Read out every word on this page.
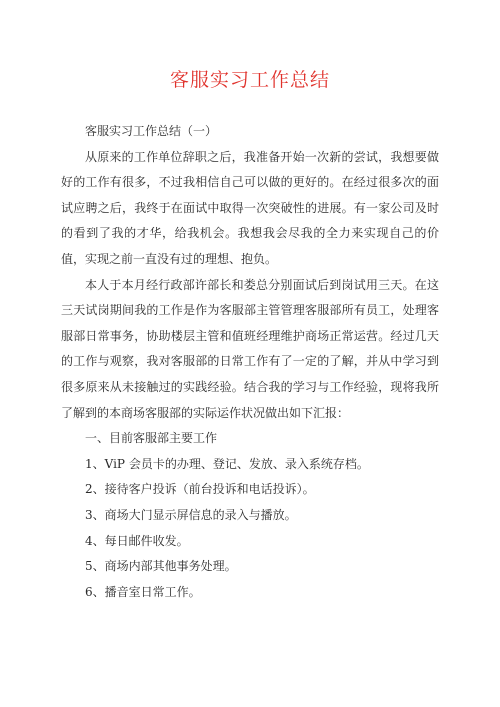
客服实习工作总结

客服实习工作总结（一）

从原来的工作单位辞职之后，我准备开始一次新的尝试，我想要做好的工作有很多，不过我相信自己可以做的更好的。在经过很多次的面试应聘之后，我终于在面试中取得一次突破性的进展。有一家公司及时的看到了我的才华，给我机会。我想我会尽我的全力来实现自己的价值，实现之前一直没有过的理想、抱负。

本人于本月经行政部许部长和娄总分别面试后到岗试用三天。在这三天试岗期间我的工作是作为客服部主管管理客服部所有员工，处理客服部日常事务，协助楼层主管和值班经理维护商场正常运营。经过几天的工作与观察，我对客服部的日常工作有了一定的了解，并从中学习到很多原来从未接触过的实践经验。结合我的学习与工作经验，现将我所了解到的本商场客服部的实际运作状况做出如下汇报：

一、目前客服部主要工作

1、ViP 会员卡的办理、登记、发放、录入系统存档。

2、接待客户投诉（前台投诉和电话投诉）。

3、商场大门显示屏信息的录入与播放。

4、每日邮件收发。

5、商场内部其他事务处理。

6、播音室日常工作。
